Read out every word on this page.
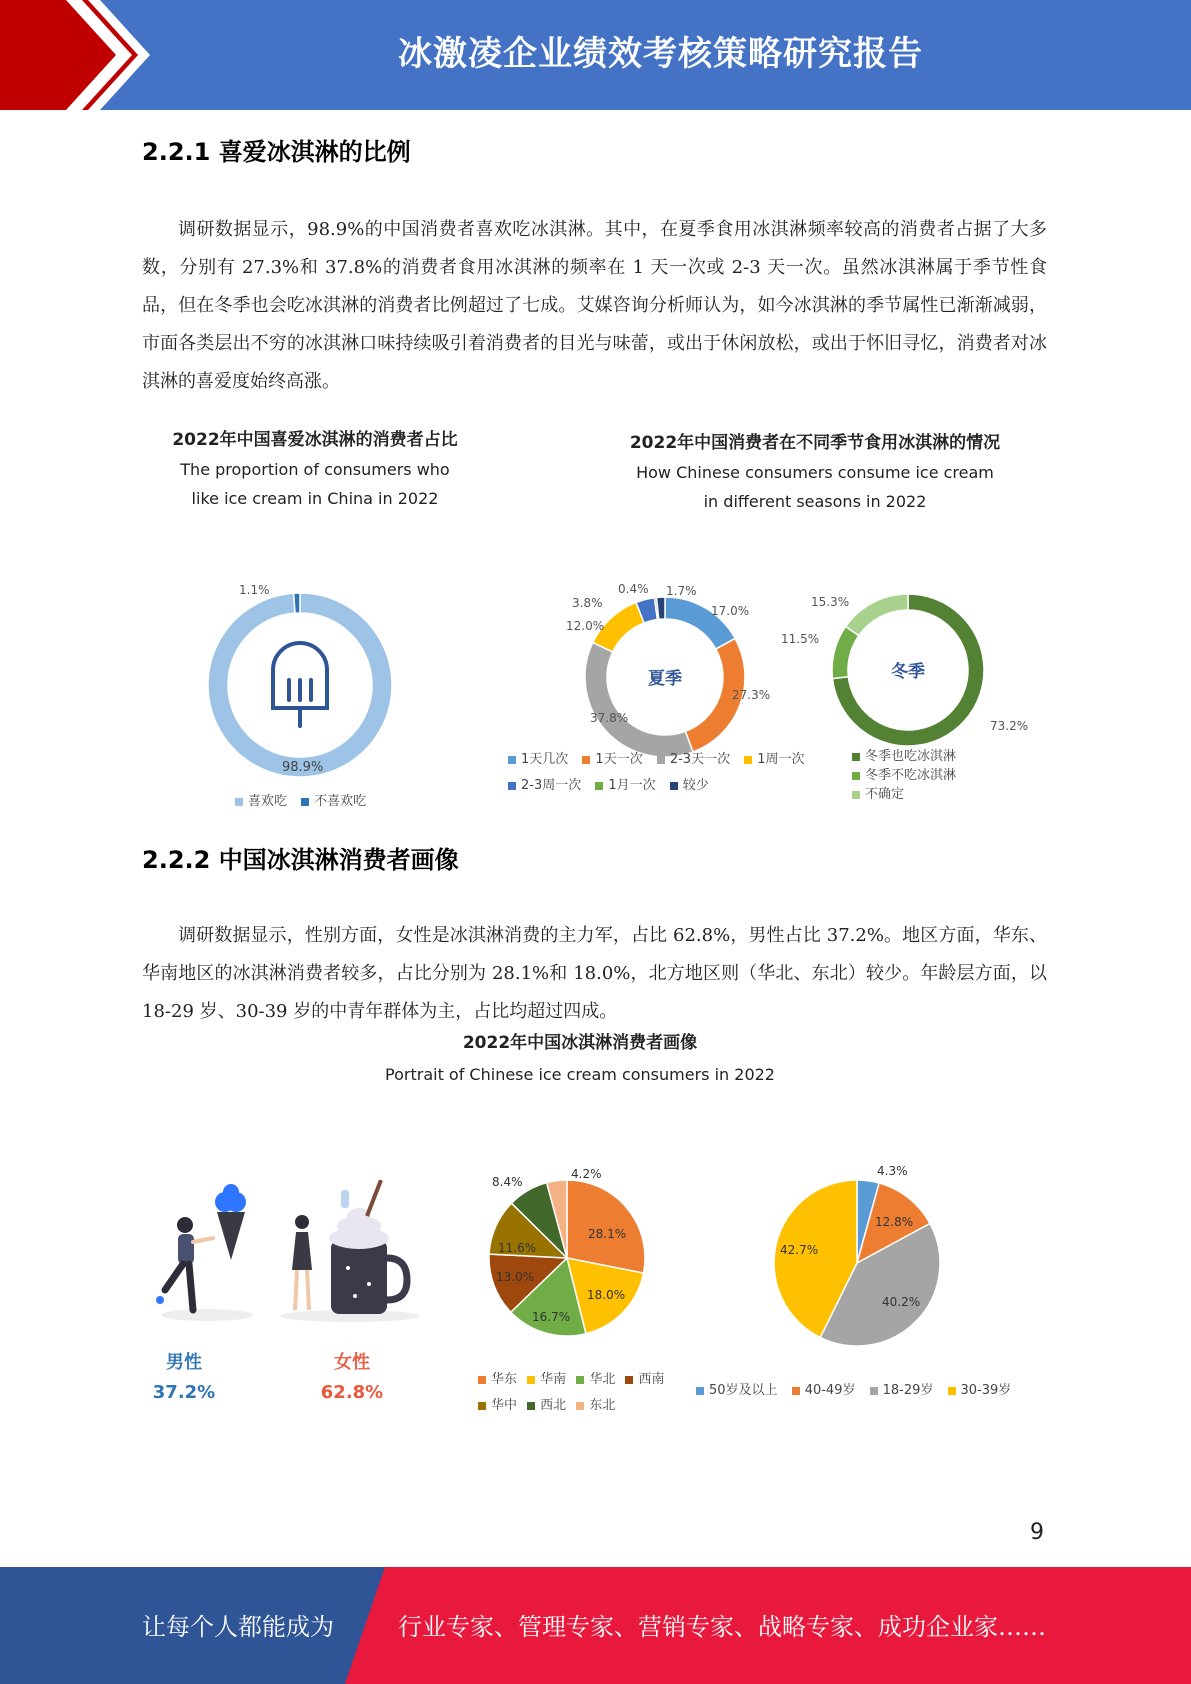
冰激凌企业绩效考核策略研究报告
2.2.1 喜爱冰淇淋的比例
调研数据显示，98.9%的中国消费者喜欢吃冰淇淋。其中，在夏季食用冰淇淋频率较高的消费者占据了大多数，分别有 27.3%和 37.8%的消费者食用冰淇淋的频率在 1 天一次或 2-3 天一次。虽然冰淇淋属于季节性食品，但在冬季也会吃冰淇淋的消费者比例超过了七成。艾媒咨询分析师认为，如今冰淇淋的季节属性已渐渐减弱，市面各类层出不穷的冰淇淋口味持续吸引着消费者的目光与味蕾，或出于休闲放松，或出于怀旧寻忆，消费者对冰淇淋的喜爱度始终高涨。
2022年中国喜爱冰淇淋的消费者占比
The proportion of consumers who
like ice cream in China in 2022
2022年中国消费者在不同季节食用冰淇淋的情况
How Chinese consumers consume ice cream
in different seasons in 2022
1.1%
98.9%
喜欢吃 不喜欢吃
夏季
17.0%
27.3%
37.8%
12.0%
3.8%
0.4% 1.7%
冬季
73.2%
11.5%
15.3%
1天几次 1天一次 2-3天一次 1周一次 2-3周一次 1月一次 较少
冬季也吃冰淇淋
冬季不吃冰淇淋
不确定
2.2.2 中国冰淇淋消费者画像
调研数据显示，性别方面，女性是冰淇淋消费的主力军，占比 62.8%，男性占比 37.2%。地区方面，华东、华南地区的冰淇淋消费者较多，占比分别为 28.1%和 18.0%，北方地区则（华北、东北）较少。年龄层方面，以 18-29 岁、30-39 岁的中青年群体为主，占比均超过四成。
2022年中国冰淇淋消费者画像
Portrait of Chinese ice cream consumers in 2022
男性
37.2%
女性
62.8%
28.1%
18.0%
16.7%
13.0%
11.6%
8.4%
4.2%
华东 华南 华北 西南 华中 西北 东北
4.3%
12.8%
40.2%
42.7%
50岁及以上 40-49岁 18-29岁 30-39岁
9
让每个人都能成为	行业专家、管理专家、营销专家、战略专家、成功企业家……
